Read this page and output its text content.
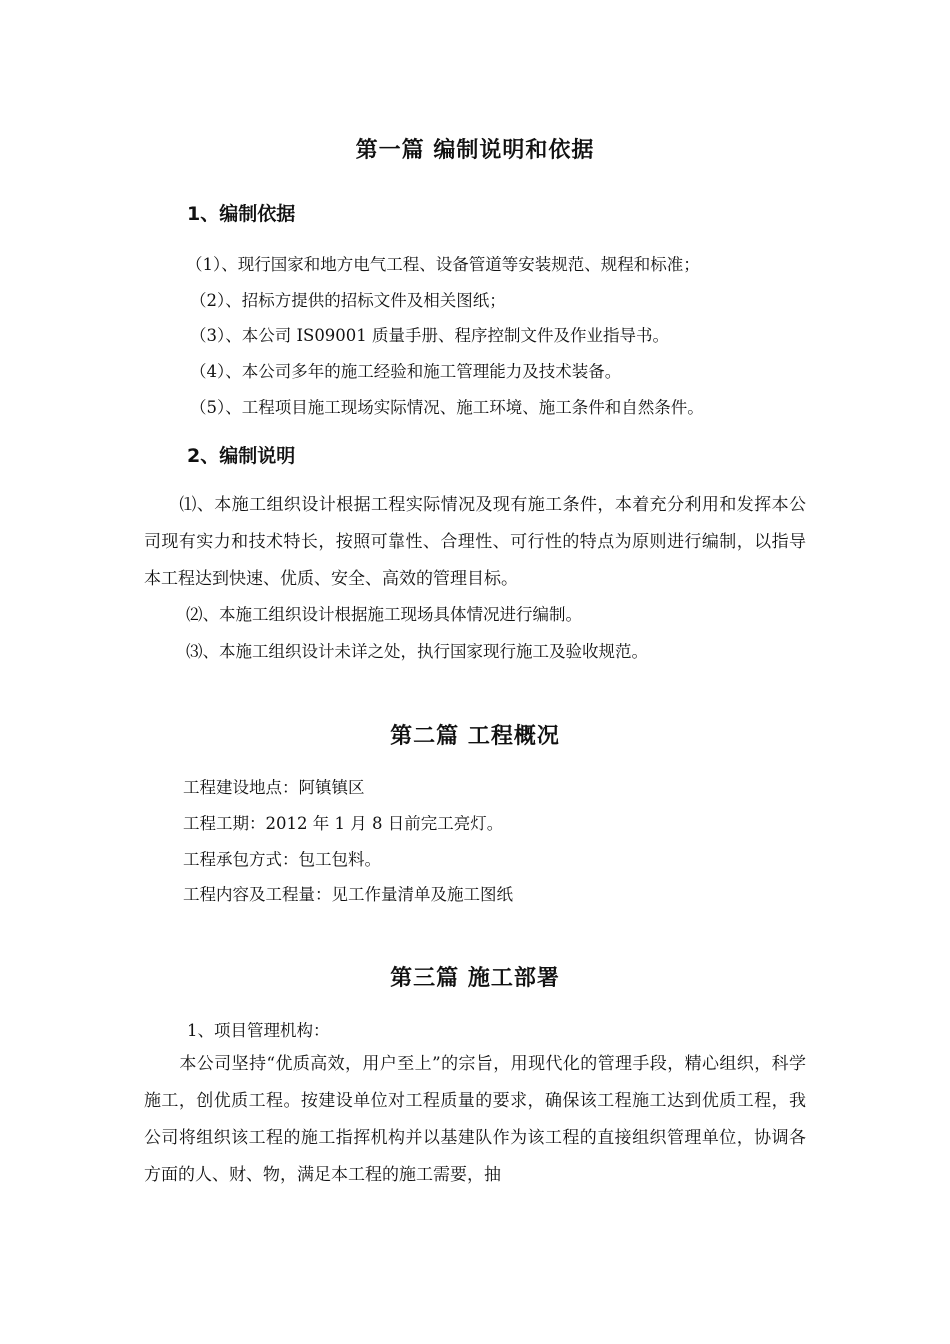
第一篇 编制说明和依据
1、编制依据

（1）、现行国家和地方电气工程、设备管道等安装规范、规程和标准；

（2）、招标方提供的招标文件及相关图纸；

（3）、本公司 IS09001 质量手册、程序控制文件及作业指导书。

（4）、本公司多年的施工经验和施工管理能力及技术装备。

（5）、工程项目施工现场实际情况、施工环境、施工条件和自然条件。

2、编制说明

⑴、本施工组织设计根据工程实际情况及现有施工条件，本着充分利用和发挥本公司现有实力和技术特长，按照可靠性、合理性、可行性的特点为原则进行编制，以指导本工程达到快速、优质、安全、高效的管理目标。

⑵、本施工组织设计根据施工现场具体情况进行编制。

⑶、本施工组织设计未详之处，执行国家现行施工及验收规范。

第二篇 工程概况

工程建设地点：阿镇镇区

工程工期：2012 年 1 月 8 日前完工亮灯。

工程承包方式：包工包料。

工程内容及工程量：见工作量清单及施工图纸

第三篇 施工部署

1、项目管理机构：

本公司坚持“优质高效，用户至上”的宗旨，用现代化的管理手段，精心组织，科学施工，创优质工程。按建设单位对工程质量的要求，确保该工程施工达到优质工程，我公司将组织该工程的施工指挥机构并以基建队作为该工程的直接组织管理单位，协调各方面的人、财、物，满足本工程的施工需要，抽
